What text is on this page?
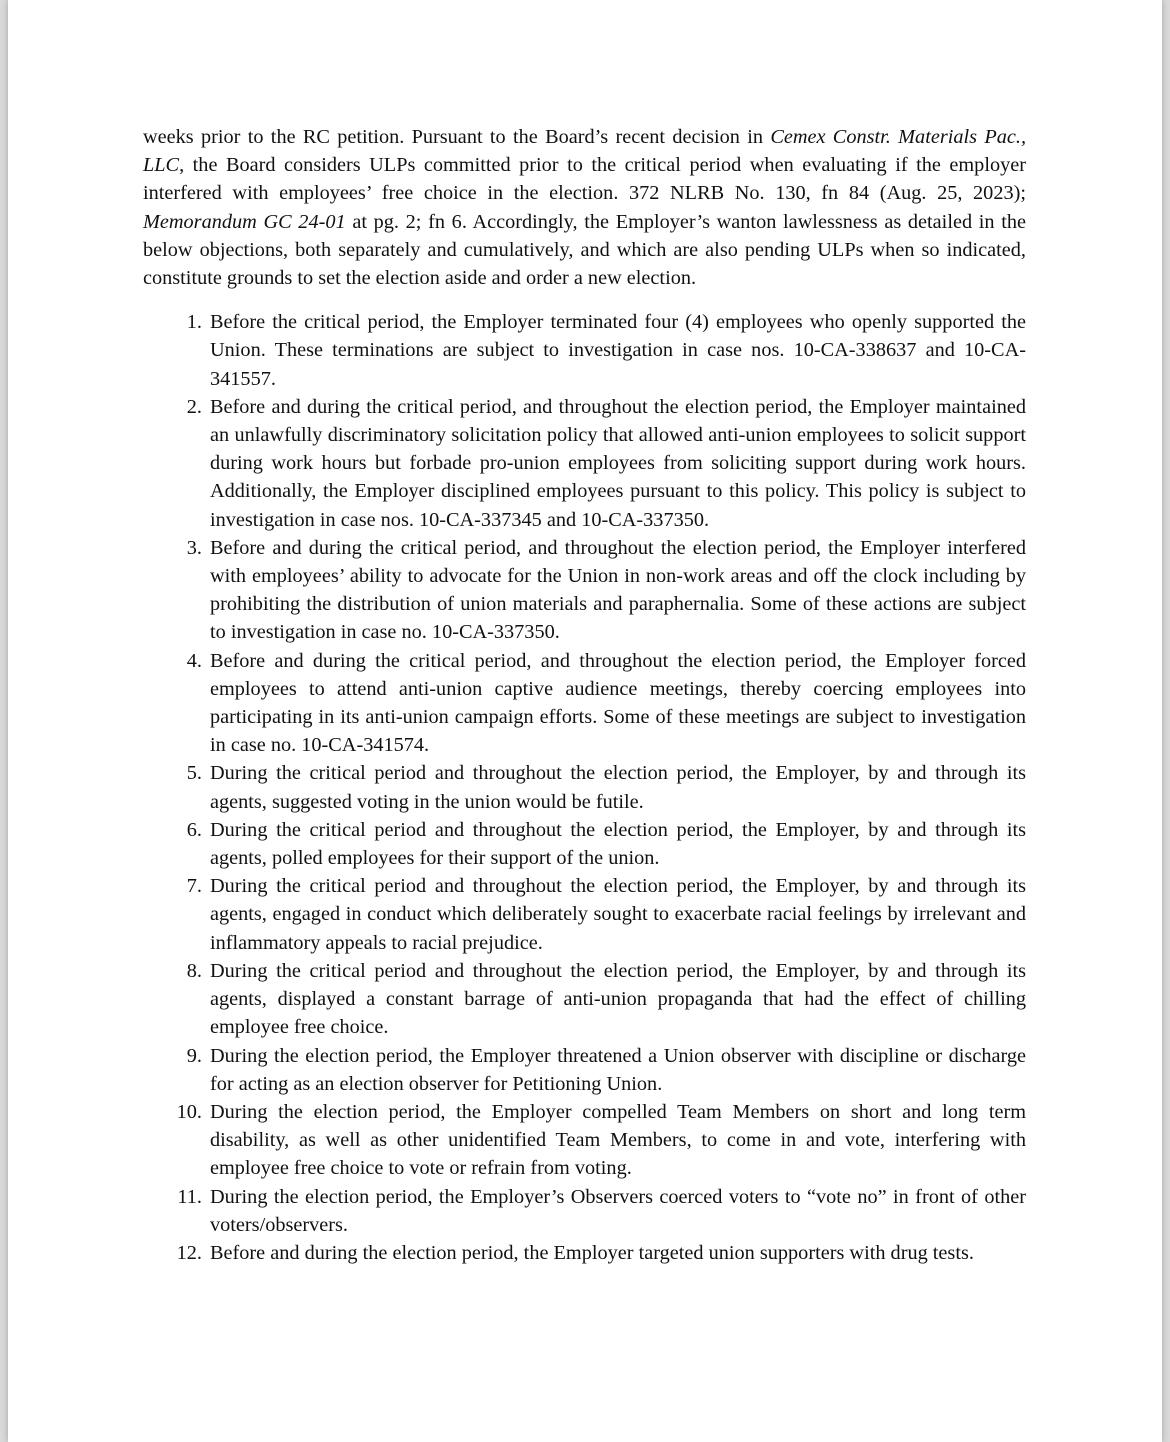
weeks prior to the RC petition. Pursuant to the Board’s recent decision in Cemex Constr. Materials Pac., LLC, the Board considers ULPs committed prior to the critical period when evaluating if the employer interfered with employees’ free choice in the election. 372 NLRB No. 130, fn 84 (Aug. 25, 2023); Memorandum GC 24-01 at pg. 2; fn 6. Accordingly, the Employer’s wanton lawlessness as detailed in the below objections, both separately and cumulatively, and which are also pending ULPs when so indicated, constitute grounds to set the election aside and order a new election.

1. Before the critical period, the Employer terminated four (4) employees who openly supported the Union. These terminations are subject to investigation in case nos. 10-CA-338637 and 10-CA-341557.
2. Before and during the critical period, and throughout the election period, the Employer maintained an unlawfully discriminatory solicitation policy that allowed anti-union employees to solicit support during work hours but forbade pro-union employees from soliciting support during work hours. Additionally, the Employer disciplined employees pursuant to this policy. This policy is subject to investigation in case nos. 10-CA-337345 and 10-CA-337350.
3. Before and during the critical period, and throughout the election period, the Employer interfered with employees’ ability to advocate for the Union in non-work areas and off the clock including by prohibiting the distribution of union materials and paraphernalia. Some of these actions are subject to investigation in case no. 10-CA-337350.
4. Before and during the critical period, and throughout the election period, the Employer forced employees to attend anti-union captive audience meetings, thereby coercing employees into participating in its anti-union campaign efforts. Some of these meetings are subject to investigation in case no. 10-CA-341574.
5. During the critical period and throughout the election period, the Employer, by and through its agents, suggested voting in the union would be futile.
6. During the critical period and throughout the election period, the Employer, by and through its agents, polled employees for their support of the union.
7. During the critical period and throughout the election period, the Employer, by and through its agents, engaged in conduct which deliberately sought to exacerbate racial feelings by irrelevant and inflammatory appeals to racial prejudice.
8. During the critical period and throughout the election period, the Employer, by and through its agents, displayed a constant barrage of anti-union propaganda that had the effect of chilling employee free choice.
9. During the election period, the Employer threatened a Union observer with discipline or discharge for acting as an election observer for Petitioning Union.
10. During the election period, the Employer compelled Team Members on short and long term disability, as well as other unidentified Team Members, to come in and vote, interfering with employee free choice to vote or refrain from voting.
11. During the election period, the Employer’s Observers coerced voters to “vote no” in front of other voters/observers.
12. Before and during the election period, the Employer targeted union supporters with drug tests.
